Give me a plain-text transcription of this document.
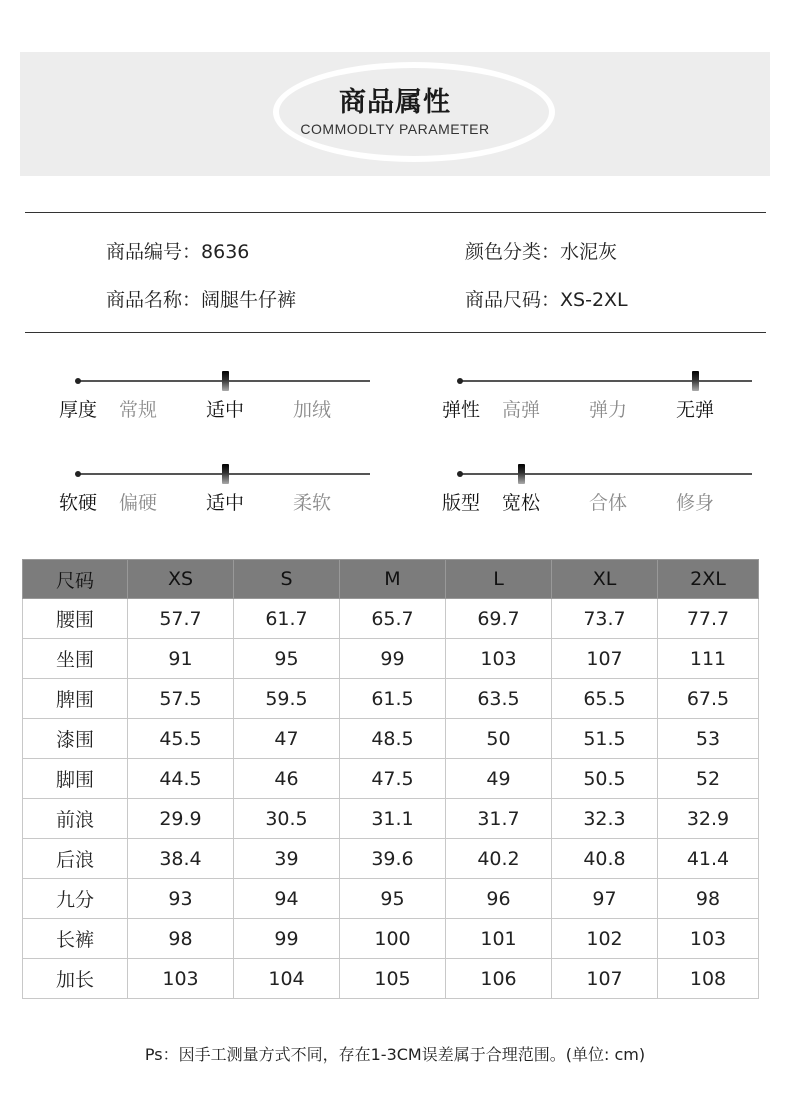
商品属性
COMMODLTY PARAMETER
商品编号：8636	颜色分类：水泥灰
商品名称：阔腿牛仔裤	商品尺码：XS-2XL
厚度 常规	适中	加绒	弹性 高弹	弹力	无弹
软硬 偏硬	适中	柔软	版型 宽松	合体	修身
尺码	XS	S	M	L	XL	2XL
腰围	57.7	61.7	65.7	69.7	73.7	77.7
坐围	91	95	99	103	107	111
脾围	57.5	59.5	61.5	63.5	65.5	67.5
漆围	45.5	47	48.5	50	51.5	53
脚围	44.5	46	47.5	49	50.5	52
前浪	29.9	30.5	31.1	31.7	32.3	32.9
后浪	38.4	39	39.6	40.2	40.8	41.4
九分	93	94	95	96	97	98
长裤	98	99	100	101	102	103
加长	103	104	105	106	107	108
Ps：因手工测量方式不同，存在1-3CM误差属于合理范围。(单位: cm)
